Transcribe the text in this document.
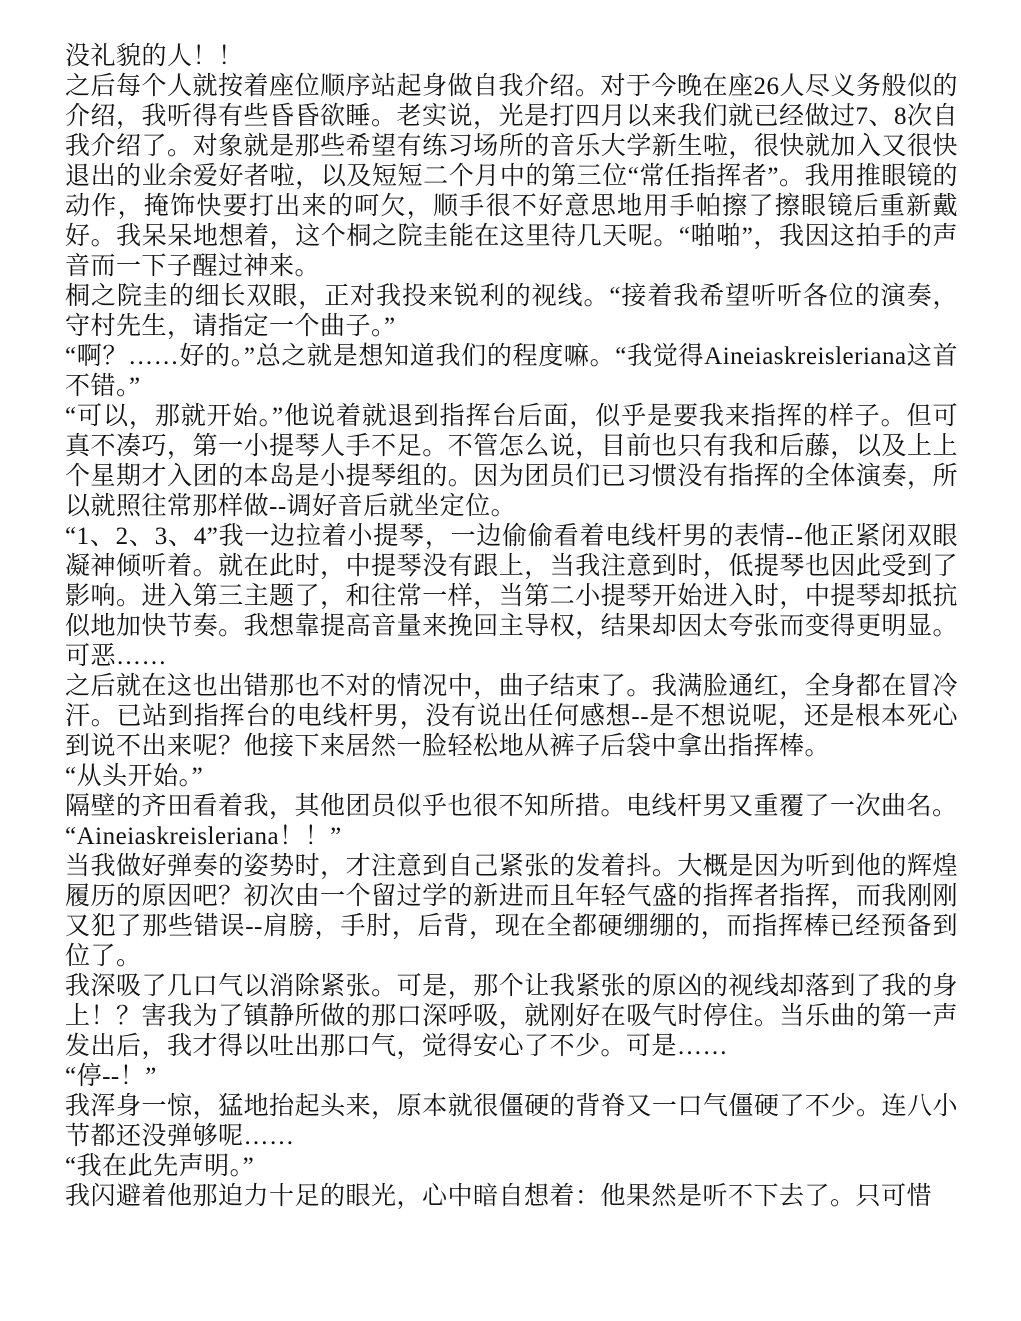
没礼貌的人！！

之后每个人就按着座位顺序站起身做自我介绍。对于今晚在座26人尽义务般似的介绍，我听得有些昏昏欲睡。老实说，光是打四月以来我们就已经做过7、8次自我介绍了。对象就是那些希望有练习场所的音乐大学新生啦，很快就加入又很快退出的业余爱好者啦，以及短短二个月中的第三位“常任指挥者”。我用推眼镜的动作，掩饰快要打出来的呵欠，顺手很不好意思地用手帕擦了擦眼镜后重新戴好。我呆呆地想着，这个桐之院圭能在这里待几天呢。“啪啪”，我因这拍手的声音而一下子醒过神来。

桐之院圭的细长双眼，正对我投来锐利的视线。“接着我希望听听各位的演奏，守村先生，请指定一个曲子。”

“啊？……好的。”总之就是想知道我们的程度嘛。“我觉得Aineiaskreisleriana这首不错。”

“可以，那就开始。”他说着就退到指挥台后面，似乎是要我来指挥的样子。但可真不凑巧，第一小提琴人手不足。不管怎么说，目前也只有我和后藤，以及上上个星期才入团的本岛是小提琴组的。因为团员们已习惯没有指挥的全体演奏，所以就照往常那样做--调好音后就坐定位。

“1、2、3、4”我一边拉着小提琴，一边偷偷看着电线杆男的表情--他正紧闭双眼凝神倾听着。就在此时，中提琴没有跟上，当我注意到时，低提琴也因此受到了影响。进入第三主题了，和往常一样，当第二小提琴开始进入时，中提琴却抵抗似地加快节奏。我想靠提高音量来挽回主导权，结果却因太夸张而变得更明显。可恶……

之后就在这也出错那也不对的情况中，曲子结束了。我满脸通红，全身都在冒冷汗。已站到指挥台的电线杆男，没有说出任何感想--是不想说呢，还是根本死心到说不出来呢？他接下来居然一脸轻松地从裤子后袋中拿出指挥棒。

“从头开始。”

隔壁的齐田看着我，其他团员似乎也很不知所措。电线杆男又重覆了一次曲名。

“Aineiaskreisleriana！！”

当我做好弹奏的姿势时，才注意到自己紧张的发着抖。大概是因为听到他的辉煌履历的原因吧？初次由一个留过学的新进而且年轻气盛的指挥者指挥，而我刚刚又犯了那些错误--肩膀，手肘，后背，现在全都硬绷绷的，而指挥棒已经预备到位了。

我深吸了几口气以消除紧张。可是，那个让我紧张的原凶的视线却落到了我的身上！？害我为了镇静所做的那口深呼吸，就刚好在吸气时停住。当乐曲的第一声发出后，我才得以吐出那口气，觉得安心了不少。可是……

“停--！”

我浑身一惊，猛地抬起头来，原本就很僵硬的背脊又一口气僵硬了不少。连八小节都还没弹够呢……

“我在此先声明。”

我闪避着他那迫力十足的眼光，心中暗自想着：他果然是听不下去了。只可惜
